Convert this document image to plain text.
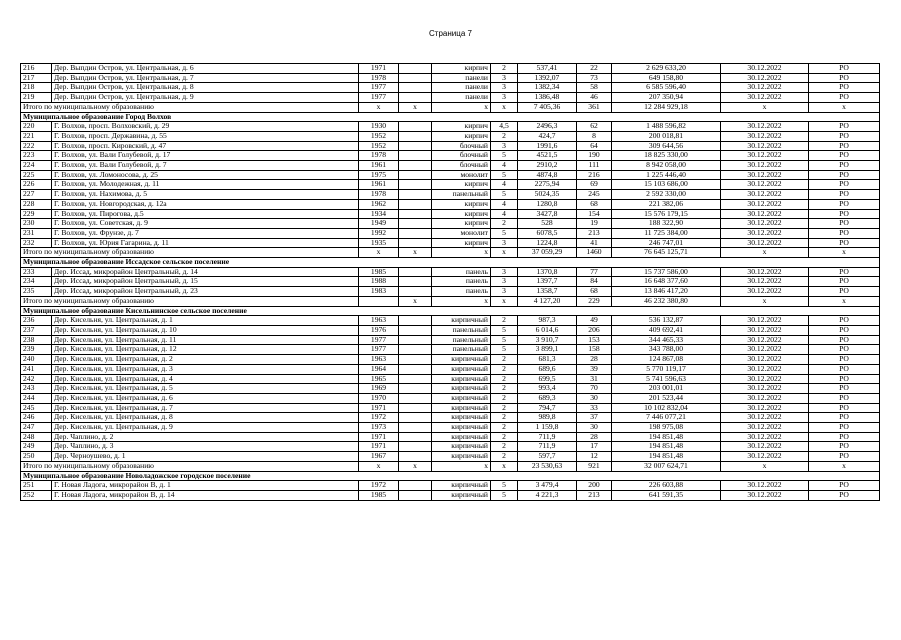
Страница 7
216	Дер. Выпдин Остров, ул. Центральная, д. 6	1971		кирпич	2	537,41	22	2 629 633,20	30.12.2022	РО
217	Дер. Выпдин Остров, ул. Центральная, д. 7	1978		панели	3	1392,07	73	649 158,80	30.12.2022	РО
218	Дер. Выпдин Остров, ул. Центральная, д. 8	1977		панели	3	1382,34	58	6 585 596,40	30.12.2022	РО
219	Дер. Выпдин Остров, ул. Центральная, д. 9	1977		панели	3	1386,48	46	207 350,94	30.12.2022	РО
Итого по муниципальному образованию		х	х	х	х	7 405,36	361	12 284 929,18	х	х
Муниципальное образование Город Волхов										
220	Г. Волхов, просп. Волховский, д. 29	1930		кирпич	4,5	2496,3	62	1 488 596,82	30.12.2022	РО
221	Г. Волхов, просп. Державина, д. 55	1952		кирпич	2	424,7	8	200 018,81	30.12.2022	РО
222	Г. Волхов, просп. Кировский, д. 47	1952		блочный	3	1991,6	64	309 644,56	30.12.2022	РО
223	Г. Волхов, ул. Вали Голубевой, д. 17	1978		блочный	5	4521,5	190	18 825 330,00	30.12.2022	РО
224	Г. Волхов, ул. Вали Голубевой, д. 7	1961		блочный	4	2910,2	111	8 942 058,00	30.12.2022	РО
225	Г. Волхов, ул. Ломоносова, д. 25	1975		монолит	5	4874,8	216	1 225 446,40	30.12.2022	РО
226	Г. Волхов, ул. Молодежная, д. 11	1961		кирпич	4	2275,94	69	15 103 686,00	30.12.2022	РО
227	Г. Волхов, ул. Нахимова, д. 5	1978		панельный	5	5024,35	245	2 592 330,00	30.12.2022	РО
228	Г. Волхов, ул. Новгородская, д. 12а	1962		кирпич	4	1280,8	68	221 382,06	30.12.2022	РО
229	Г. Волхов, ул. Пирогова, д.5	1934		кирпич	4	3427,8	154	15 576 179,15	30.12.2022	РО
230	Г. Волхов, ул. Советская, д. 9	1949		кирпич	2	528	19	188 322,90	30.12.2022	РО
231	Г. Волхов, ул. Фрунзе, д. 7	1992		монолит	5	6078,5	213	11 725 384,00	30.12.2022	РО
232	Г. Волхов, ул. Юрия Гагарина, д. 11	1935		кирпич	3	1224,8	41	246 747,01	30.12.2022	РО
Итого по муниципальному образованию		х	х	х	х	37 059,29	1460	76 645 125,71	х	х
Муниципальное образование Иссадское сельское поселение										
233	Дер. Иссад, микрорайон Центральный, д. 14	1985		панель	3	1370,8	77	15 737 586,00	30.12.2022	РО
234	Дер. Иссад, микрорайон Центральный, д. 15	1988		панель	3	1397,7	84	16 648 377,60	30.12.2022	РО
235	Дер. Иссад, микрорайон Центральный, д. 23	1983		панель	3	1358,7	68	13 846 417,20	30.12.2022	РО
Итого по муниципальному образованию			х	х	х	4 127,20	229	46 232 380,80	х	х
Муниципальное образование Кисельнинское сельское поселение										
236	Дер. Кисельня, ул. Центральная, д. 1	1963		кирпичный	2	987,3	49	536 132,87	30.12.2022	РО
237	Дер. Кисельня, ул. Центральная, д. 10	1976		панельный	5	6 014,6	206	409 692,41	30.12.2022	РО
238	Дер. Кисельня, ул. Центральная, д. 11	1977		панельный	5	3 910,7	153	344 465,33	30.12.2022	РО
239	Дер. Кисельня, ул. Центральная, д. 12	1977		панельный	5	3 899,1	158	343 788,00	30.12.2022	РО
240	Дер. Кисельня, ул. Центральная, д. 2	1963		кирпичный	2	681,3	28	124 867,08	30.12.2022	РО
241	Дер. Кисельня, ул. Центральная, д. 3	1964		кирпичный	2	689,6	39	5 770 119,17	30.12.2022	РО
242	Дер. Кисельня, ул. Центральная, д. 4	1965		кирпичный	2	699,5	31	5 741 596,63	30.12.2022	РО
243	Дер. Кисельня, ул. Центральная, д. 5	1969		кирпичный	2	993,4	70	203 001,01	30.12.2022	РО
244	Дер. Кисельня, ул. Центральная, д. 6	1970		кирпичный	2	689,3	30	201 523,44	30.12.2022	РО
245	Дер. Кисельня, ул. Центральная, д. 7	1971		кирпичный	2	794,7	33	10 102 832,04	30.12.2022	РО
246	Дер. Кисельня, ул. Центральная, д. 8	1972		кирпичный	2	989,8	37	7 446 077,21	30.12.2022	РО
247	Дер. Кисельня, ул. Центральная, д. 9	1973		кирпичный	2	1 159,8	30	198 975,08	30.12.2022	РО
248	Дер. Чаплино, д. 2	1971		кирпичный	2	711,9	28	194 851,48	30.12.2022	РО
249	Дер. Чаплино, д. 3	1971		кирпичный	2	711,9	17	194 851,48	30.12.2022	РО
250	Дер. Черноушево, д. 1	1967		кирпичный	2	597,7	12	194 851,48	30.12.2022	РО
Итого по муниципальному образованию		х	х	х	х	23 530,63	921	32 007 624,71	х	х
Муниципальное образование Новоладожское городское поселение										
251	Г. Новая Ладога, микрорайон В, д. 1	1972		кирпичный	5	3 479,4	200	226 603,88	30.12.2022	РО
252	Г. Новая Ладога, микрорайон В, д. 14	1985		кирпичный	5	4 221,3	213	641 591,35	30.12.2022	РО
